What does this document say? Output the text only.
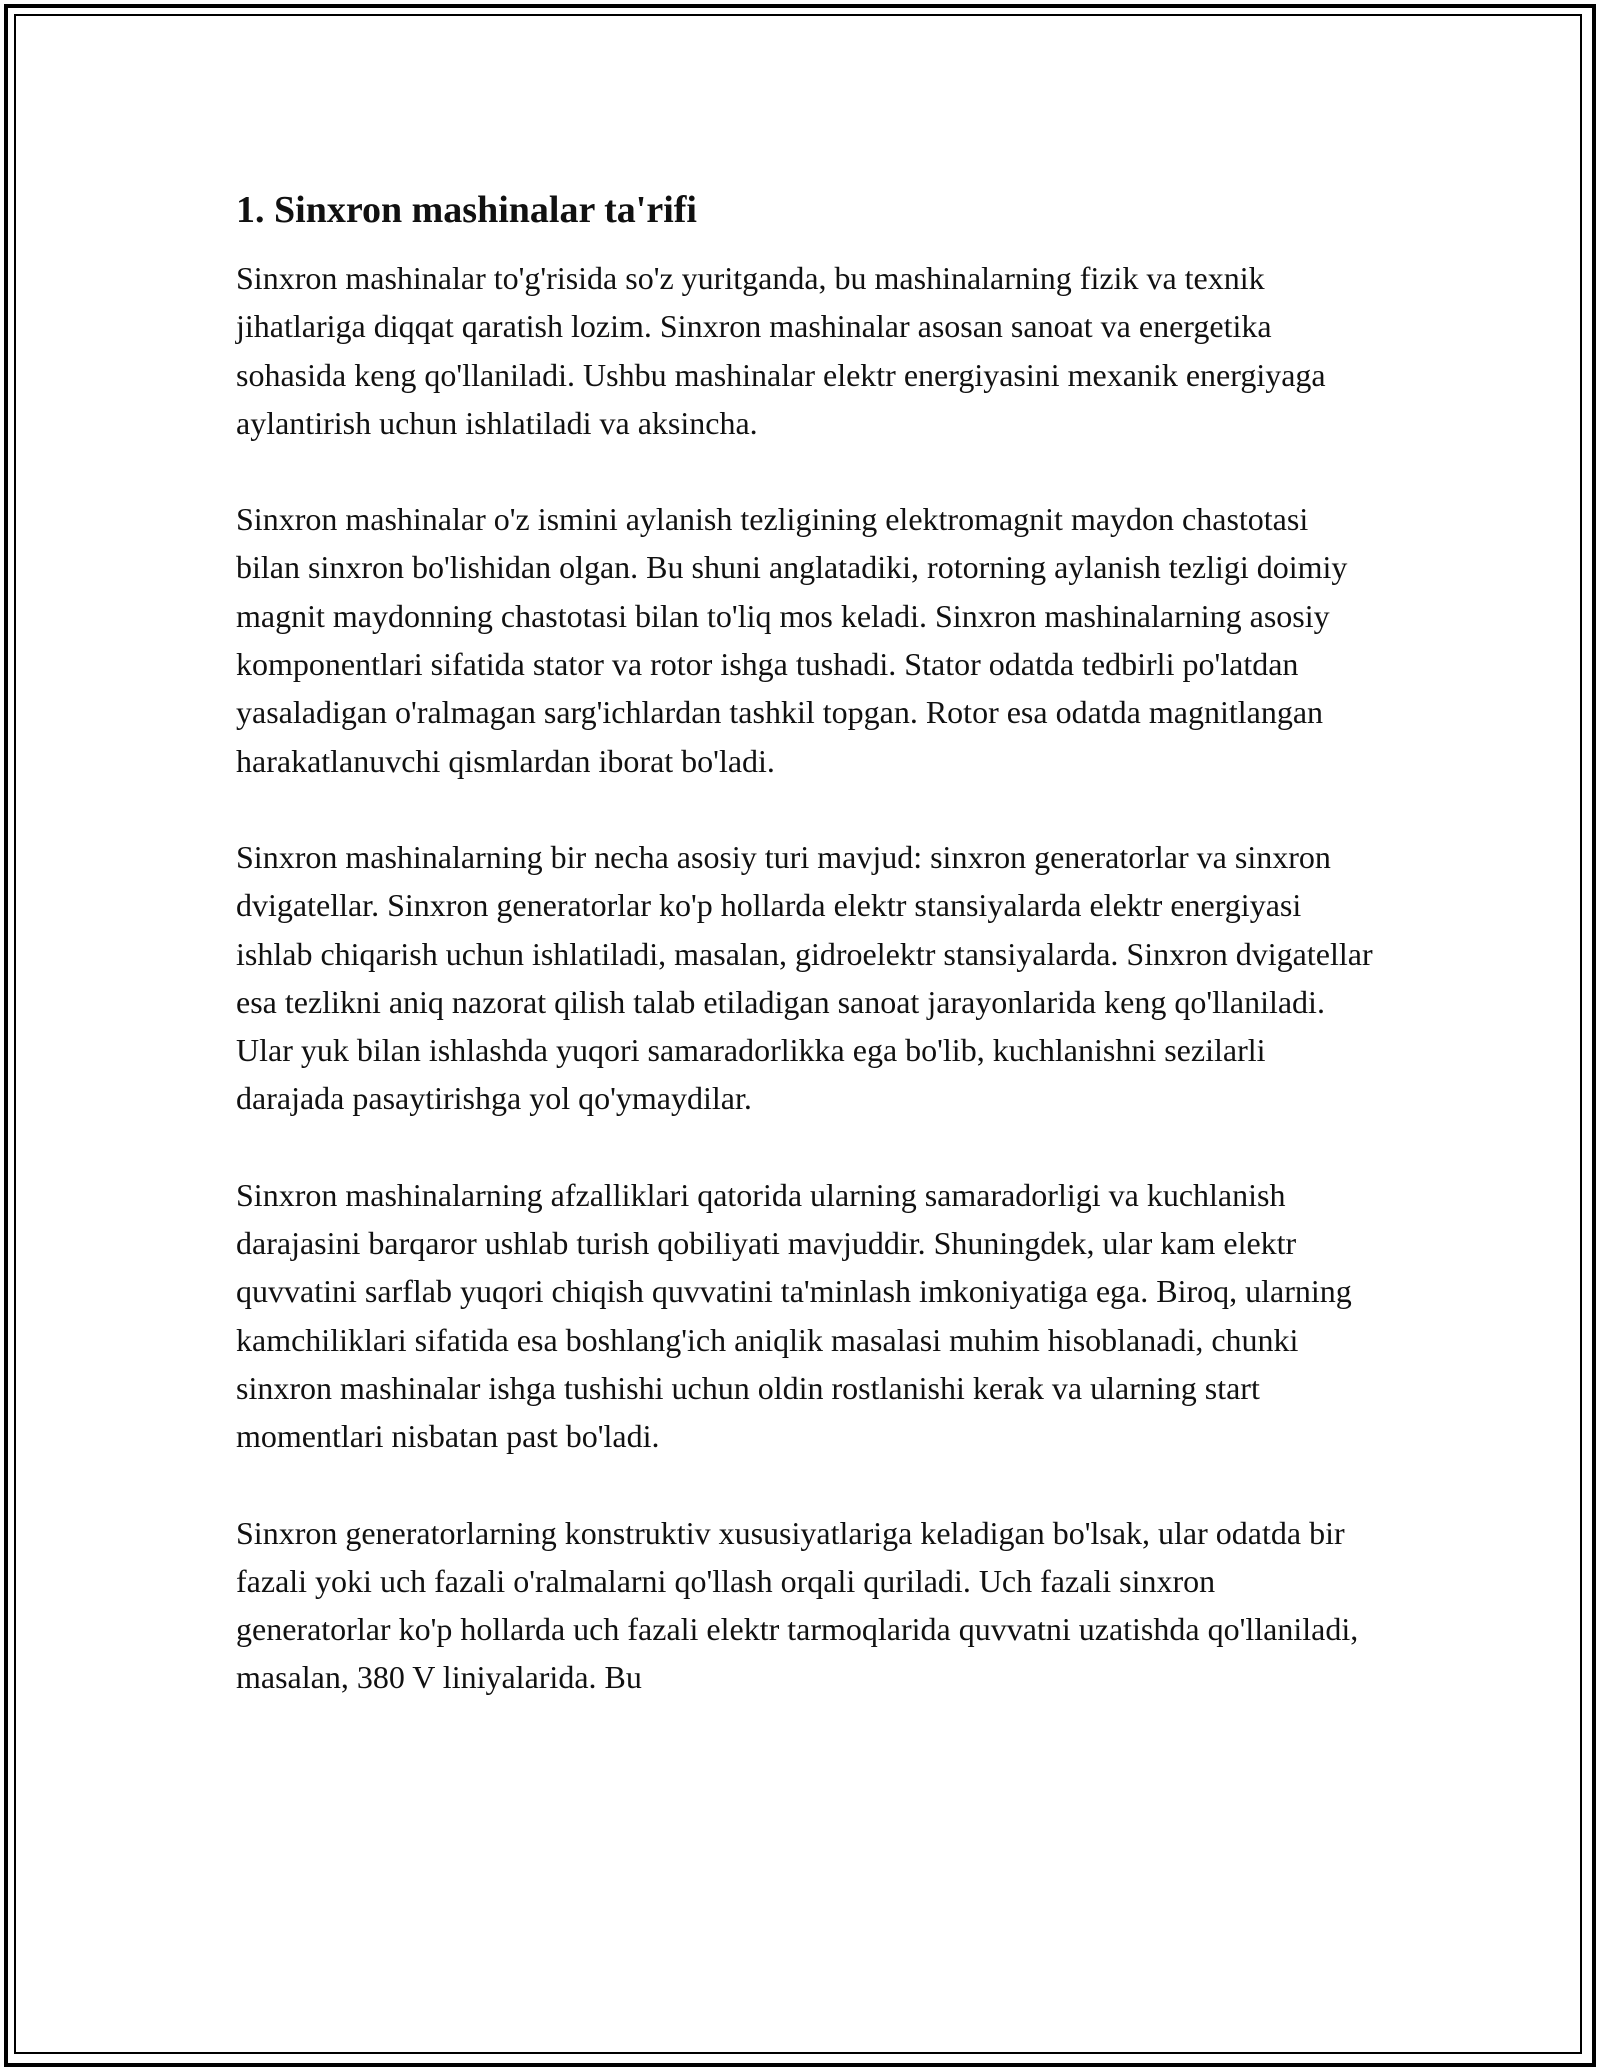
1. Sinxron mashinalar ta'rifi

Sinxron mashinalar to'g'risida so'z yuritganda, bu mashinalarning fizik va texnik jihatlariga diqqat qaratish lozim. Sinxron mashinalar asosan sanoat va energetika sohasida keng qo'llaniladi. Ushbu mashinalar elektr energiyasini mexanik energiyaga aylantirish uchun ishlatiladi va aksincha.

Sinxron mashinalar o'z ismini aylanish tezligining elektromagnit maydon chastotasi bilan sinxron bo'lishidan olgan. Bu shuni anglatadiki, rotorning aylanish tezligi doimiy magnit maydonning chastotasi bilan to'liq mos keladi. Sinxron mashinalarning asosiy komponentlari sifatida stator va rotor ishga tushadi. Stator odatda tedbirli po'latdan yasaladigan o'ralmagan sarg'ichlardan tashkil topgan. Rotor esa odatda magnitlangan harakatlanuvchi qismlardan iborat bo'ladi.

Sinxron mashinalarning bir necha asosiy turi mavjud: sinxron generatorlar va sinxron dvigatellar. Sinxron generatorlar ko'p hollarda elektr stansiyalarda elektr energiyasi ishlab chiqarish uchun ishlatiladi, masalan, gidroelektr stansiyalarda. Sinxron dvigatellar esa tezlikni aniq nazorat qilish talab etiladigan sanoat jarayonlarida keng qo'llaniladi. Ular yuk bilan ishlashda yuqori samaradorlikka ega bo'lib, kuchlanishni sezilarli darajada pasaytirishga yol qo'ymaydilar.

Sinxron mashinalarning afzalliklari qatorida ularning samaradorligi va kuchlanish darajasini barqaror ushlab turish qobiliyati mavjuddir. Shuningdek, ular kam elektr quvvatini sarflab yuqori chiqish quvvatini ta'minlash imkoniyatiga ega. Biroq, ularning kamchiliklari sifatida esa boshlang'ich aniqlik masalasi muhim hisoblanadi, chunki sinxron mashinalar ishga tushishi uchun oldin rostlanishi kerak va ularning start momentlari nisbatan past bo'ladi.

Sinxron generatorlarning konstruktiv xususiyatlariga keladigan bo'lsak, ular odatda bir fazali yoki uch fazali o'ralmalarni qo'llash orqali quriladi. Uch fazali sinxron generatorlar ko'p hollarda uch fazali elektr tarmoqlarida quvvatni uzatishda qo'llaniladi, masalan, 380 V liniyalarida. Bu
